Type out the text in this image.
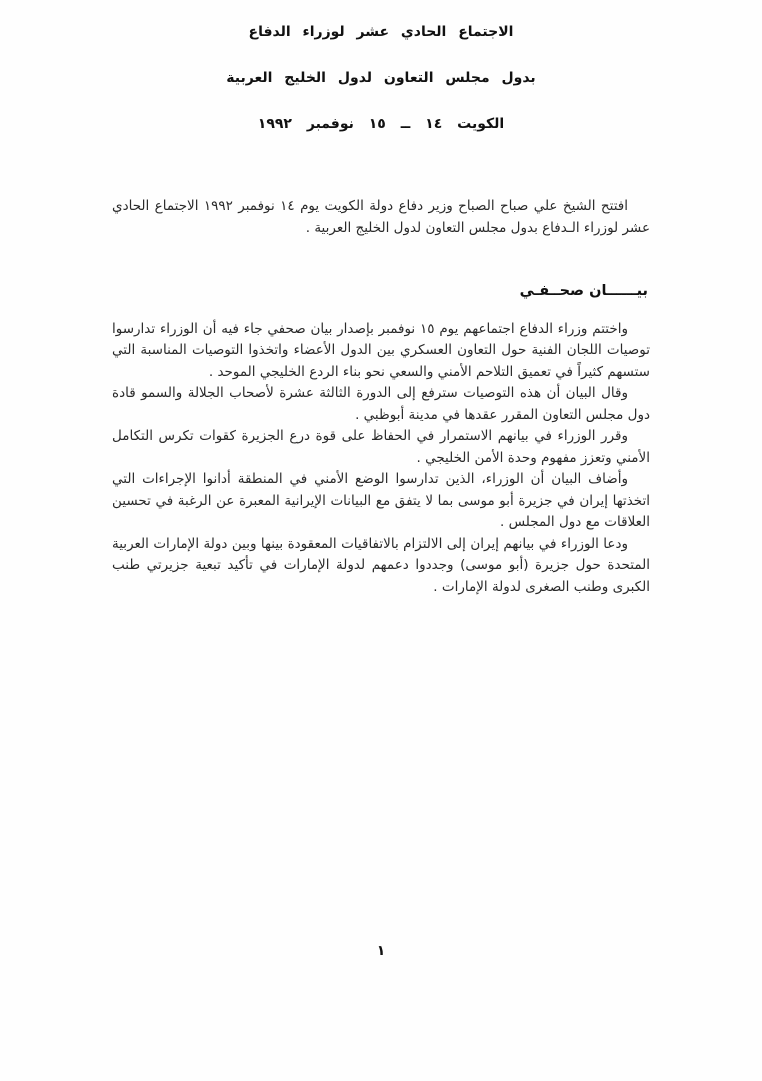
الاجتماع الحادي عشر لوزراء الدفاع
بدول مجلس التعاون لدول الخليج العربية
الكويت ١٤ ــ ١٥ نوفمبر ١٩٩٢

افتتح الشيخ علي صباح الصباح وزير دفاع دولة الكويت يوم ١٤ نوفمبر ١٩٩٢ الاجتماع الحادي عشر لوزراء الـدفاع بدول مجلس التعاون لدول الخليج العربية .

بيــــــان صحــفـي

واختتم وزراء الدفاع اجتماعهم يوم ١٥ نوفمبر بإصدار بيان صحفي جاء فيه أن الوزراء تدارسوا توصيات اللجان الفنية حول التعاون العسكري بين الدول الأعضاء واتخذوا التوصيات المناسبة التي ستسهم كثيراً في تعميق التلاحم الأمني والسعي نحو بناء الردع الخليجي الموحد .

وقال البيان أن هذه التوصيات سترفع إلى الدورة الثالثة عشرة لأصحاب الجلالة والسمو قادة دول مجلس التعاون المقرر عقدها في مدينة أبوظبي .

وقرر الوزراء في بيانهم الاستمرار في الحفاظ على قوة درع الجزيرة كقوات تكرس التكامل الأمني وتعزز مفهوم وحدة الأمن الخليجي .

وأضاف البيان أن الوزراء، الذين تدارسوا الوضع الأمني في المنطقة أدانوا الإجراءات التي اتخذتها إيران في جزيرة أبو موسى بما لا يتفق مع البيانات الإيرانية المعبرة عن الرغبة في تحسين العلاقات مع دول المجلس .

ودعا الوزراء في بيانهم إيران إلى الالتزام بالاتفاقيات المعقودة بينها وبين دولة الإمارات العربية المتحدة حول جزيرة (أبو موسى) وجددوا دعمهم لدولة الإمارات في تأكيد تبعية جزيرتي طنب الكبرى وطنب الصغرى لدولة الإمارات .

١
